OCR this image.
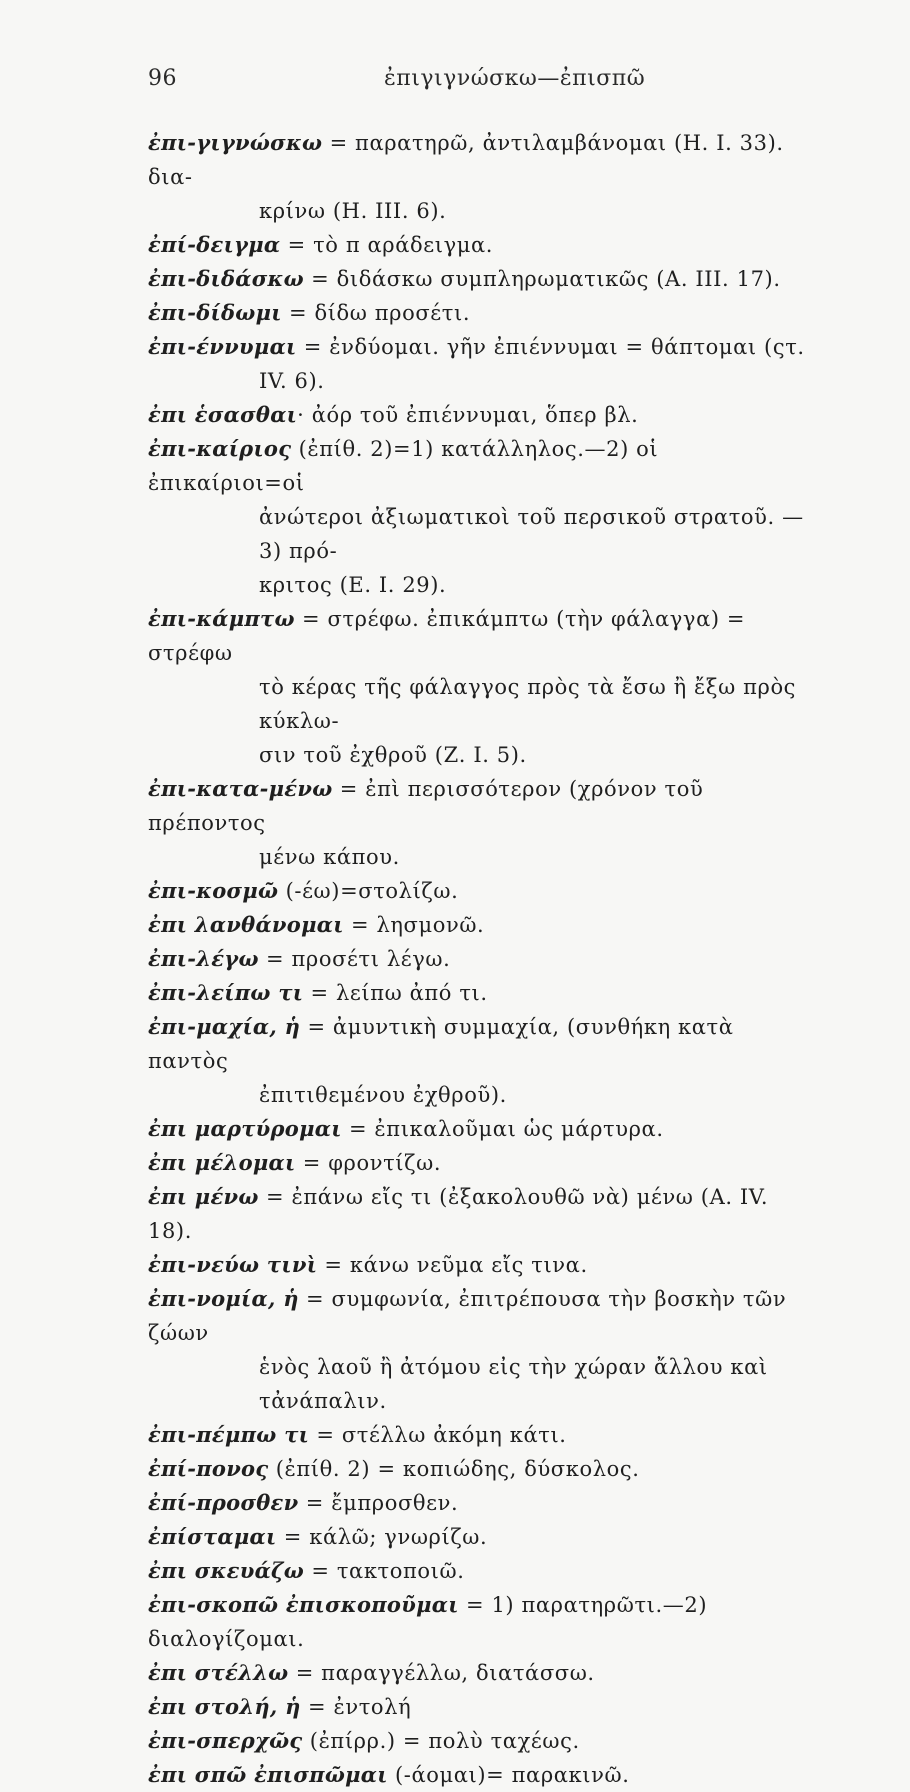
96	ἐπιγιγνώσκω—ἐπισπῶ

ἐπι-γιγνώσκω = παρατηρῶ, ἀντιλαμβάνομαι (Η. Ι. 33). δια-
κρίνω (Η. ΙΙΙ. 6).

ἐπί-δειγμα = τὸ π αράδειγμα.

ἐπι-διδάσκω = διδάσκω συμπληρωματικῶς (Α. ΙΙΙ. 17).

ἐπι-δίδωμι = δίδω προσέτι.

ἐπι-έννυμαι = ἐνδύομαι. γῆν ἐπιέννυμαι = θάπτομαι (ςτ.
IV. 6).

ἐπι ἑσασθαι· ἀόρ τοῦ ἐπιέννυμαι, ὅπερ βλ.

ἐπι-καίριος (ἐπίθ. 2)=1) κατάλληλος.—2) οἱ ἐπικαίριοι=οἱ
ἀνώτεροι ἀξιωματικοὶ τοῦ περσικοῦ στρατοῦ. — 3) πρό-

κριτος (Ε. Ι. 29).

ἐπι-κάμπτω = στρέφω. ἐπικάμπτω (τὴν φάλαγγα) = στρέφω
τὸ κέρας τῆς φάλαγγος πρὸς τὰ ἔσω ἢ ἔξω πρὸς κύκλω-

σιν τοῦ ἐχθροῦ (Ζ. Ι. 5).

ἐπι-κατα-μένω = ἐπὶ περισσότερον (χρόνον τοῦ πρέποντος
μένω κάπου.

ἐπι-κοσμῶ (-έω)=στολίζω.

ἐπι λανθάνομαι = λησμονῶ.

ἐπι-λέγω = προσέτι λέγω.

ἐπι-λείπω τι = λείπω ἀπό τι.

ἐπι-μαχία, ἡ = ἀμυντικὴ συμμαχία, (συνθήκη κατὰ παντὸς
ἐπιτιθεμένου ἐχθροῦ).

ἐπι μαρτύρομαι = ἐπικαλοῦμαι ὡς μάρτυρα.

ἐπι μέλομαι = φροντίζω.

ἐπι μένω = ἐπάνω εἴς τι (ἐξακολουθῶ νὰ) μένω (Α. ΙV. 18).

ἐπι-νεύω τινὶ = κάνω νεῦμα εἴς τινα.

ἐπι-νομία, ἡ = συμφωνία, ἐπιτρέπουσα τὴν βοσκὴν τῶν ζώων
ἑνὸς λαοῦ ἢ ἀτόμου εἰς τὴν χώραν ἄλλου καὶ τἀνάπαλιν.

ἐπι-πέμπω τι = στέλλω ἀκόμη κάτι.

ἐπί-πονος (ἐπίθ. 2) = κοπιώδης, δύσκολος.

ἐπί-προσθεν = ἔμπροσθεν.

ἐπίσταμαι = κάλῶ; γνωρίζω.

ἐπι σκευάζω = τακτοποιῶ.

ἐπι-σκοπῶ ἐπισκοποῦμαι = 1) παρατηρῶτι.—2) διαλογίζομαι.

ἐπι στέλλω = παραγγέλλω, διατάσσω.

ἐπι στολή, ἡ = ἐντολή

ἐπι-σπερχῶς (ἐπίρρ.) = πολὺ ταχέως.

ἐπι σπῶ ἐπισπῶμαι (-άομαι)= παρακινῶ.
